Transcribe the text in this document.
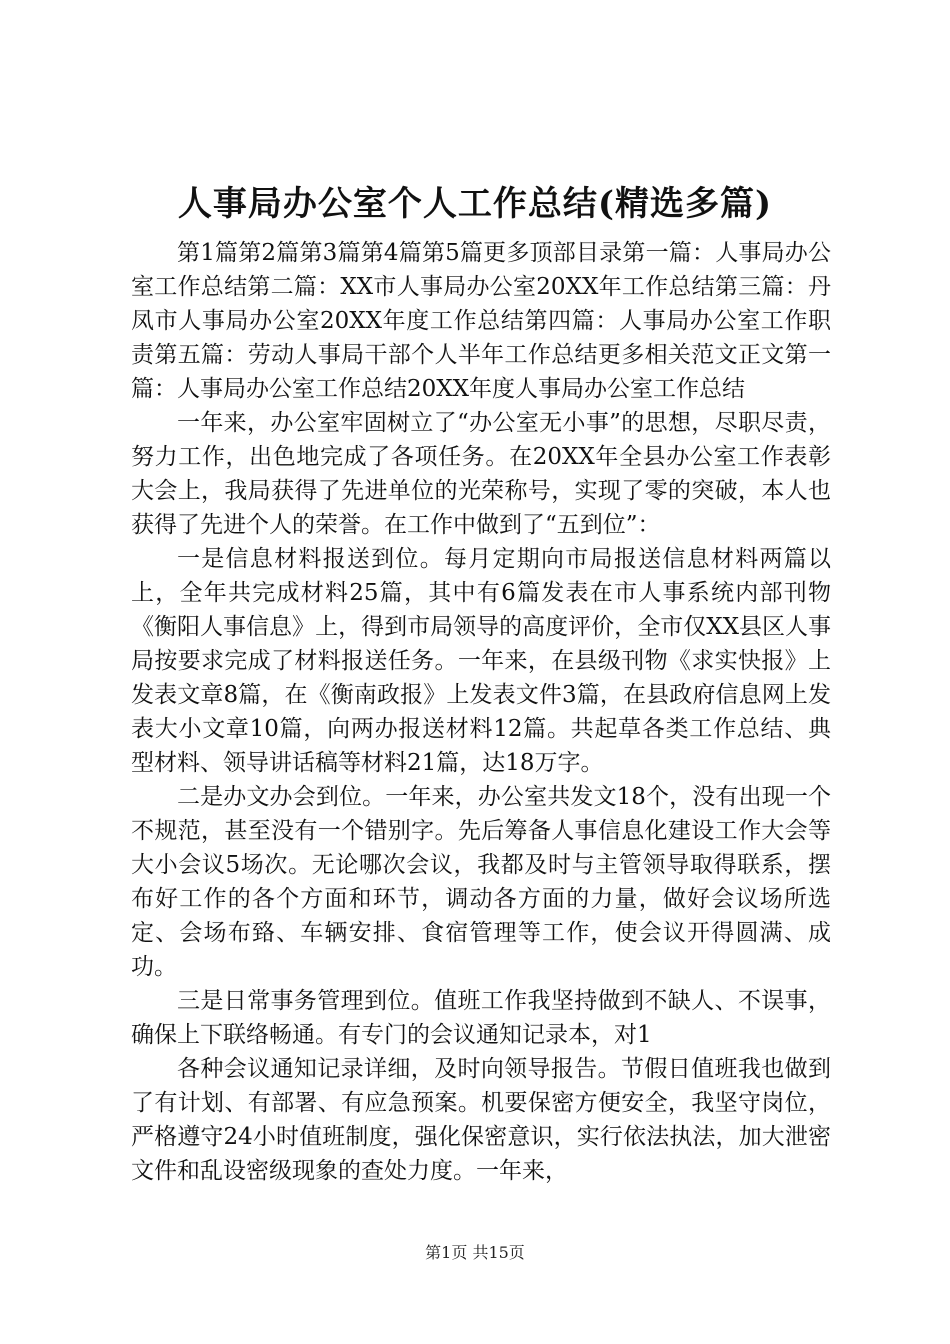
人事局办公室个人工作总结(精选多篇)

第1篇第2篇第3篇第4篇第5篇更多顶部目录第一篇：人事局办公室工作总结第二篇：XX市人事局办公室20XX年工作总结第三篇：丹凤市人事局办公室20XX年度工作总结第四篇：人事局办公室工作职责第五篇：劳动人事局干部个人半年工作总结更多相关范文正文第一篇：人事局办公室工作总结20XX年度人事局办公室工作总结

一年来，办公室牢固树立了“办公室无小事”的思想，尽职尽责，努力工作，出色地完成了各项任务。在20XX年全县办公室工作表彰大会上，我局获得了先进单位的光荣称号，实现了零的突破，本人也获得了先进个人的荣誉。在工作中做到了“五到位”：

一是信息材料报送到位。每月定期向市局报送信息材料两篇以上，全年共完成材料25篇，其中有6篇发表在市人事系统内部刊物《衡阳人事信息》上，得到市局领导的高度评价，全市仅XX县区人事局按要求完成了材料报送任务。一年来，在县级刊物《求实快报》上发表文章8篇，在《衡南政报》上发表文件3篇，在县政府信息网上发表大小文章10篇，向两办报送材料12篇。共起草各类工作总结、典型材料、领导讲话稿等材料21篇，达18万字。

二是办文办会到位。一年来，办公室共发文18个，没有出现一个不规范，甚至没有一个错别字。先后筹备人事信息化建设工作大会等大小会议5场次。无论哪次会议，我都及时与主管领导取得联系，摆布好工作的各个方面和环节，调动各方面的力量，做好会议场所选定、会场布臵、车辆安排、食宿管理等工作，使会议开得圆满、成功。

三是日常事务管理到位。值班工作我坚持做到不缺人、不误事，确保上下联络畅通。有专门的会议通知记录本，对1

各种会议通知记录详细，及时向领导报告。节假日值班我也做到了有计划、有部署、有应急预案。机要保密方便安全，我坚守岗位，严格遵守24小时值班制度，强化保密意识，实行依法执法，加大泄密文件和乱设密级现象的查处力度。一年来，

第1页 共15页
